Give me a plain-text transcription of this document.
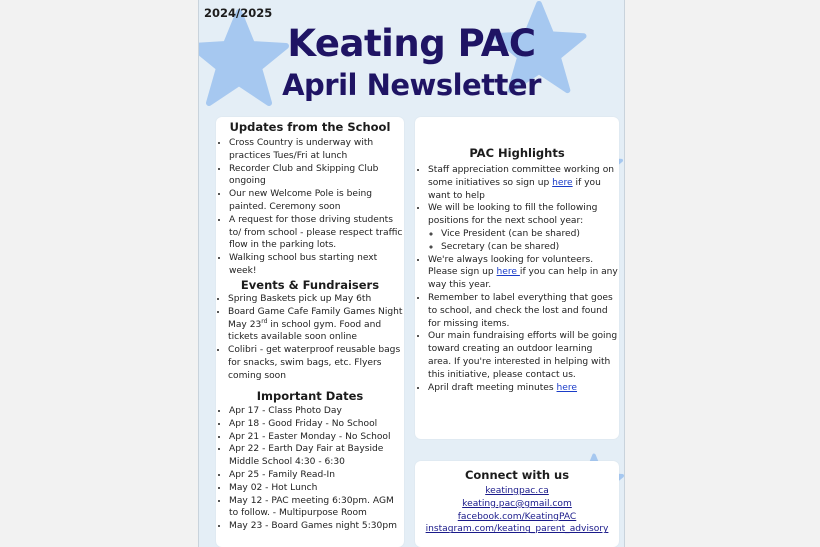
2024/2025
Keating PAC
April Newsletter
Updates from the School
• Cross Country is underway with practices Tues/Fri at lunch
• Recorder Club and Skipping Club ongoing
• Our new Welcome Pole is being painted. Ceremony soon
• A request for those driving students to/ from school - please respect traffic flow in the parking lots.
• Walking school bus starting next week!
Events & Fundraisers
• Spring Baskets pick up May 6th
• Board Game Cafe Family Games Night May 23rd in school gym. Food and tickets available soon online
• Colibri - get waterproof reusable bags for snacks, swim bags, etc. Flyers coming soon
Important Dates
• Apr 17 - Class Photo Day
• Apr 18 - Good Friday - No School
• Apr 21 - Easter Monday - No School
• Apr 22 - Earth Day Fair at Bayside Middle School 4:30 - 6:30
• Apr 25 - Family Read-In
• May 02 - Hot Lunch
• May 12 - PAC meeting 6:30pm. AGM to follow. - Multipurpose Room
• May 23 - Board Games night 5:30pm
PAC Highlights
• Staff appreciation committee working on some initiatives so sign up here if you want to help
• We will be looking to fill the following positions for the next school year:
◦ Vice President (can be shared)
◦ Secretary (can be shared)
• We're always looking for volunteers. Please sign up here if you can help in any way this year.
• Remember to label everything that goes to school, and check the lost and found for missing items.
• Our main fundraising efforts will be going toward creating an outdoor learning area. If you're interested in helping with this initiative, please contact us.
• April draft meeting minutes here
Connect with us
keatingpac.ca
keating.pac@gmail.com
facebook.com/KeatingPAC
instagram.com/keating_parent_advisory
